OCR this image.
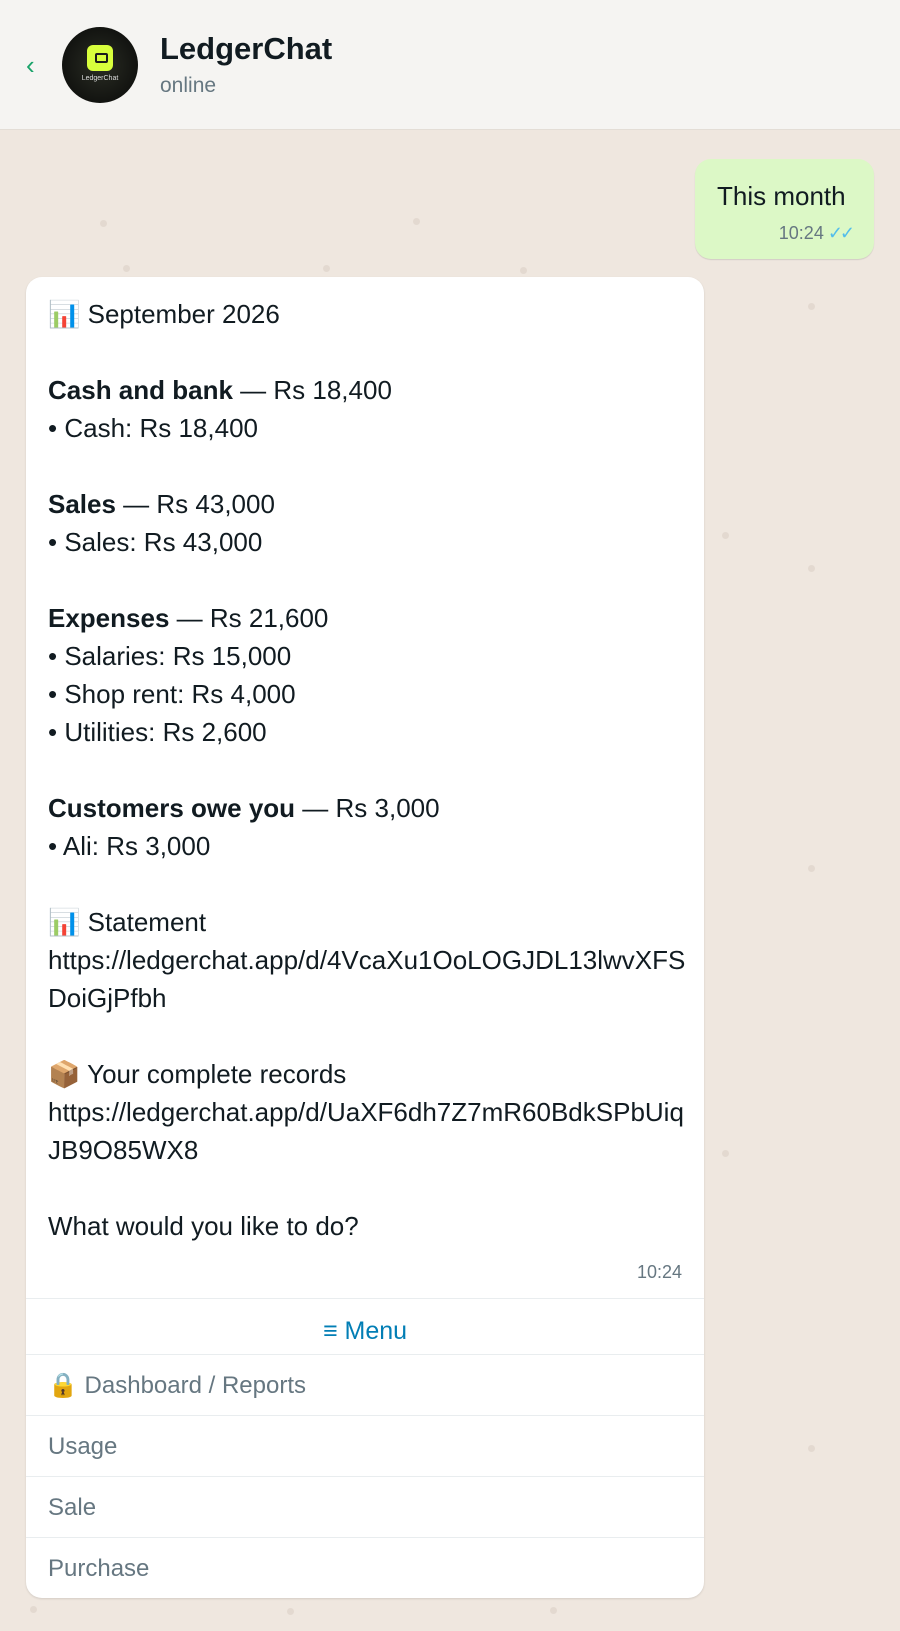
‹	LedgerChat
LedgerChat
online
This month
10:24 ✓✓
📊 September 2026
Cash and bank — Rs 18,400
• Cash: Rs 18,400
Sales — Rs 43,000
• Sales: Rs 43,000
Expenses — Rs 21,600
• Salaries: Rs 15,000
• Shop rent: Rs 4,000
• Utilities: Rs 2,600
Customers owe you — Rs 3,000
• Ali: Rs 3,000
📊 Statement
https://ledgerchat.app/d/4VcaXu1OoLOGJDL13lwvXFSDoiGjPfbh
📦 Your complete records
https://ledgerchat.app/d/UaXF6dh7Z7mR60BdkSPbUiqJB9O85WX8
What would you like to do?
10:24
≡ Menu
🔒 Dashboard / Reports
Usage
Sale
Purchase
